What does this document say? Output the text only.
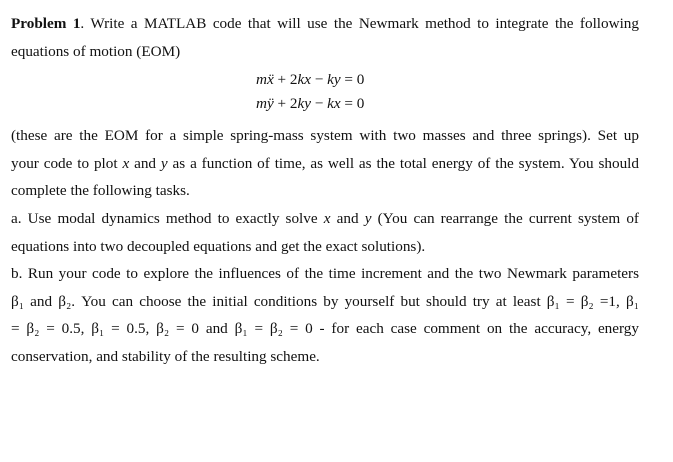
Problem 1. Write a MATLAB code that will use the Newmark method to integrate the following
equations of motion (EOM)
mẍ + 2kx − ky = 0
mÿ + 2ky − kx = 0
(these are the EOM for a simple spring-mass system with two masses and three springs). Set up
your code to plot x and y as a function of time, as well as the total energy of the system. You should
complete the following tasks.
a. Use modal dynamics method to exactly solve x and y (You can rearrange the current system of
equations into two decoupled equations and get the exact solutions).
b. Run your code to explore the influences of the time increment and the two Newmark parameters
β₁ and β₂. You can choose the initial conditions by yourself but should try at least β₁ = β₂ =1, β₁
= β₂ = 0.5, β₁ = 0.5, β₂ = 0 and β₁ = β₂ = 0 - for each case comment on the accuracy, energy
conservation, and stability of the resulting scheme.
